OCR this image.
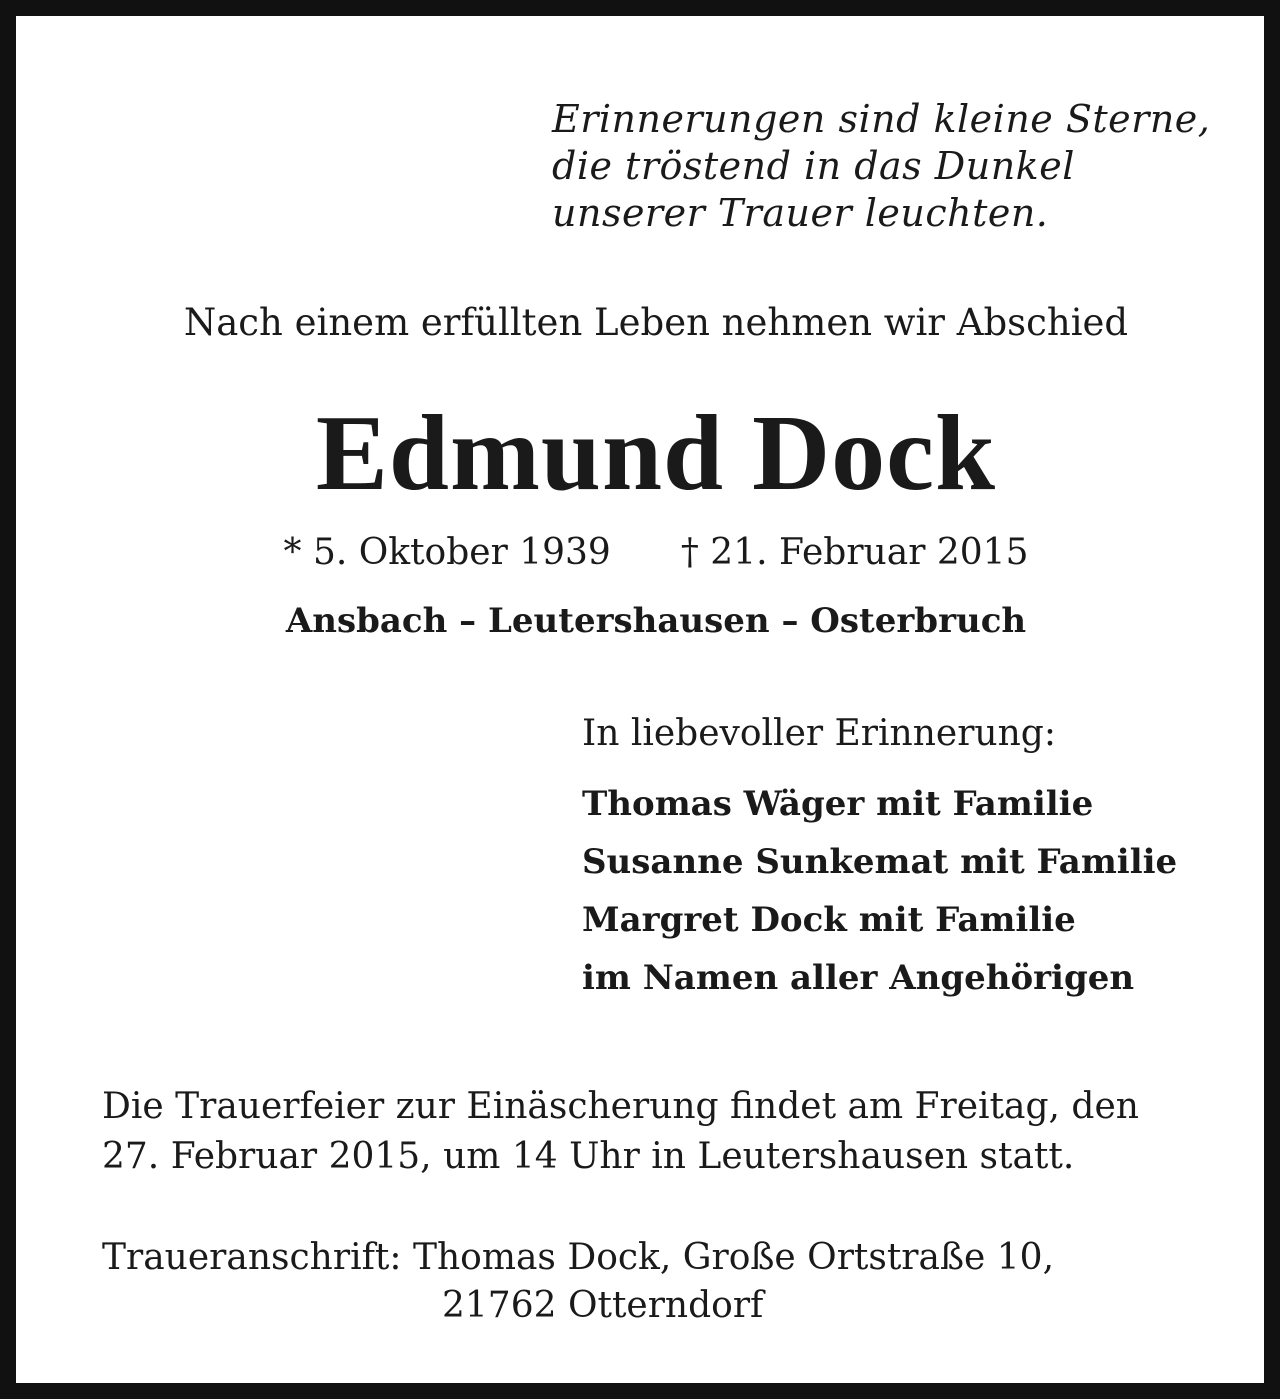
Erinnerungen sind kleine Sterne,
die tröstend in das Dunkel
unserer Trauer leuchten.
Nach einem erfüllten Leben nehmen wir Abschied
Edmund Dock
* 5. Oktober 1939 † 21. Februar 2015
Ansbach – Leutershausen – Osterbruch
In liebevoller Erinnerung:
Thomas Wäger mit Familie
Susanne Sunkemat mit Familie
Margret Dock mit Familie
im Namen aller Angehörigen
Die Trauerfeier zur Einäscherung findet am Freitag, den
27. Februar 2015, um 14 Uhr in Leutershausen statt.
Traueranschrift: Thomas Dock, Große Ortstraße 10,
21762 Otterndorf
